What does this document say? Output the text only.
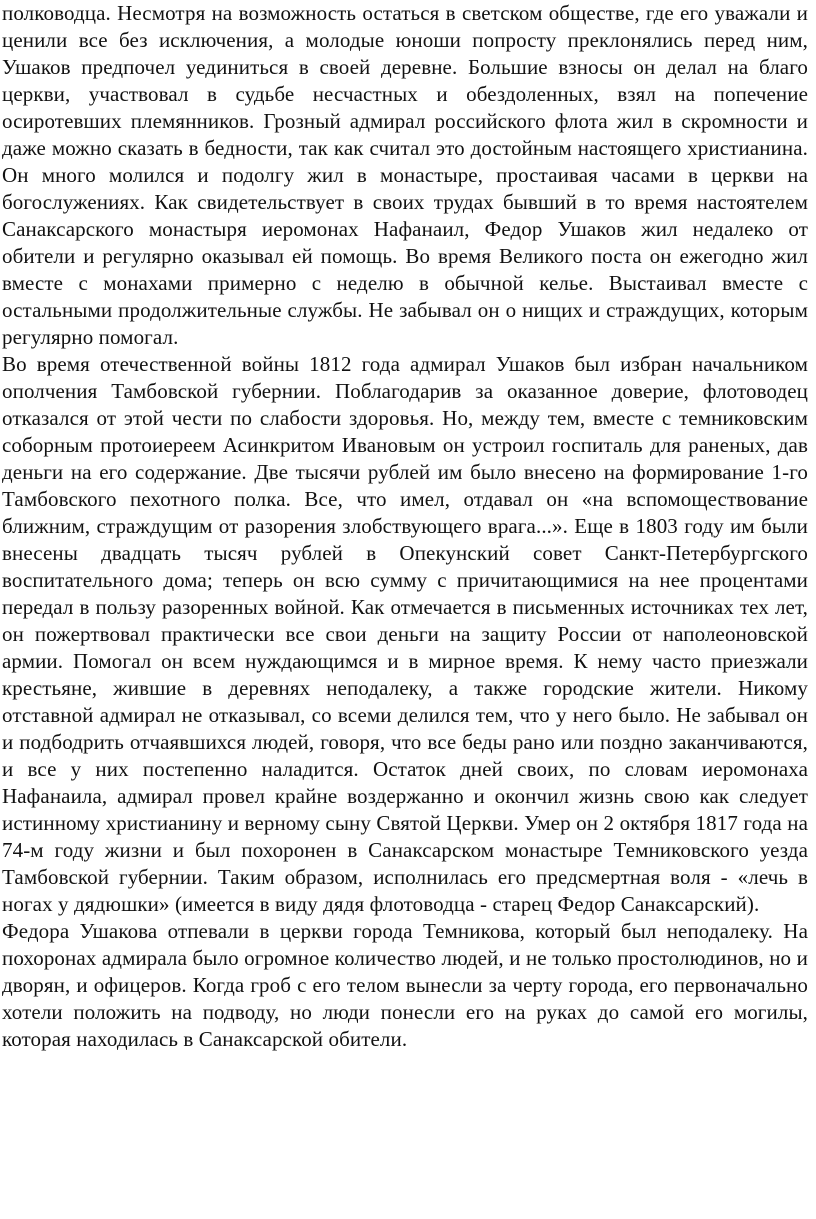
полководца. Несмотря на возможность остаться в светском обществе, где его уважали и ценили все без исключения, а молодые юноши попросту преклонялись перед ним, Ушаков предпочел уединиться в своей деревне. Большие взносы он делал на благо церкви, участвовал в судьбе несчастных и обездоленных, взял на попечение осиротевших племянников. Грозный адмирал российского флота жил в скромности и даже можно сказать в бедности, так как считал это достойным настоящего христианина. Он много молился и подолгу жил в монастыре, простаивая часами в церкви на богослужениях. Как свидетельствует в своих трудах бывший в то время настоятелем Санаксарского монастыря иеромонах Нафанаил, Федор Ушаков жил недалеко от обители и регулярно оказывал ей помощь. Во время Великого поста он ежегодно жил вместе с монахами примерно с неделю в обычной келье. Выстаивал вместе с остальными продолжительные службы. Не забывал он о нищих и страждущих, которым регулярно помогал.

Во время отечественной войны 1812 года адмирал Ушаков был избран начальником ополчения Тамбовской губернии. Поблагодарив за оказанное доверие, флотоводец отказался от этой чести по слабости здоровья. Но, между тем, вместе с темниковским соборным протоиереем Асинкритом Ивановым он устроил госпиталь для раненых, дав деньги на его содержание. Две тысячи рублей им было внесено на формирование 1-го Тамбовского пехотного полка. Все, что имел, отдавал он «на вспомоществование ближним, страждущим от разорения злобствующего врага...». Еще в 1803 году им были внесены двадцать тысяч рублей в Опекунский совет Санкт-Петербургского воспитательного дома; теперь он всю сумму с причитающимися на нее процентами передал в пользу разоренных войной. Как отмечается в письменных источниках тех лет, он пожертвовал практически все свои деньги на защиту России от наполеоновской армии. Помогал он всем нуждающимся и в мирное время. К нему часто приезжали крестьяне, жившие в деревнях неподалеку, а также городские жители. Никому отставной адмирал не отказывал, со всеми делился тем, что у него было. Не забывал он и подбодрить отчаявшихся людей, говоря, что все беды рано или поздно заканчиваются, и все у них постепенно наладится. Остаток дней своих, по словам иеромонаха Нафанаила, адмирал провел крайне воздержанно и окончил жизнь свою как следует истинному христианину и верному сыну Святой Церкви. Умер он 2 октября 1817 года на 74-м году жизни и был похоронен в Санаксарском монастыре Темниковского уезда Тамбовской губернии. Таким образом, исполнилась его предсмертная воля - «лечь в ногах у дядюшки» (имеется в виду дядя флотоводца - старец Федор Санаксарский).

Федора Ушакова отпевали в церкви города Темникова, который был неподалеку. На похоронах адмирала было огромное количество людей, и не только простолюдинов, но и дворян, и офицеров. Когда гроб с его телом вынесли за черту города, его первоначально хотели положить на подводу, но люди понесли его на руках до самой его могилы, которая находилась в Санаксарской обители.
